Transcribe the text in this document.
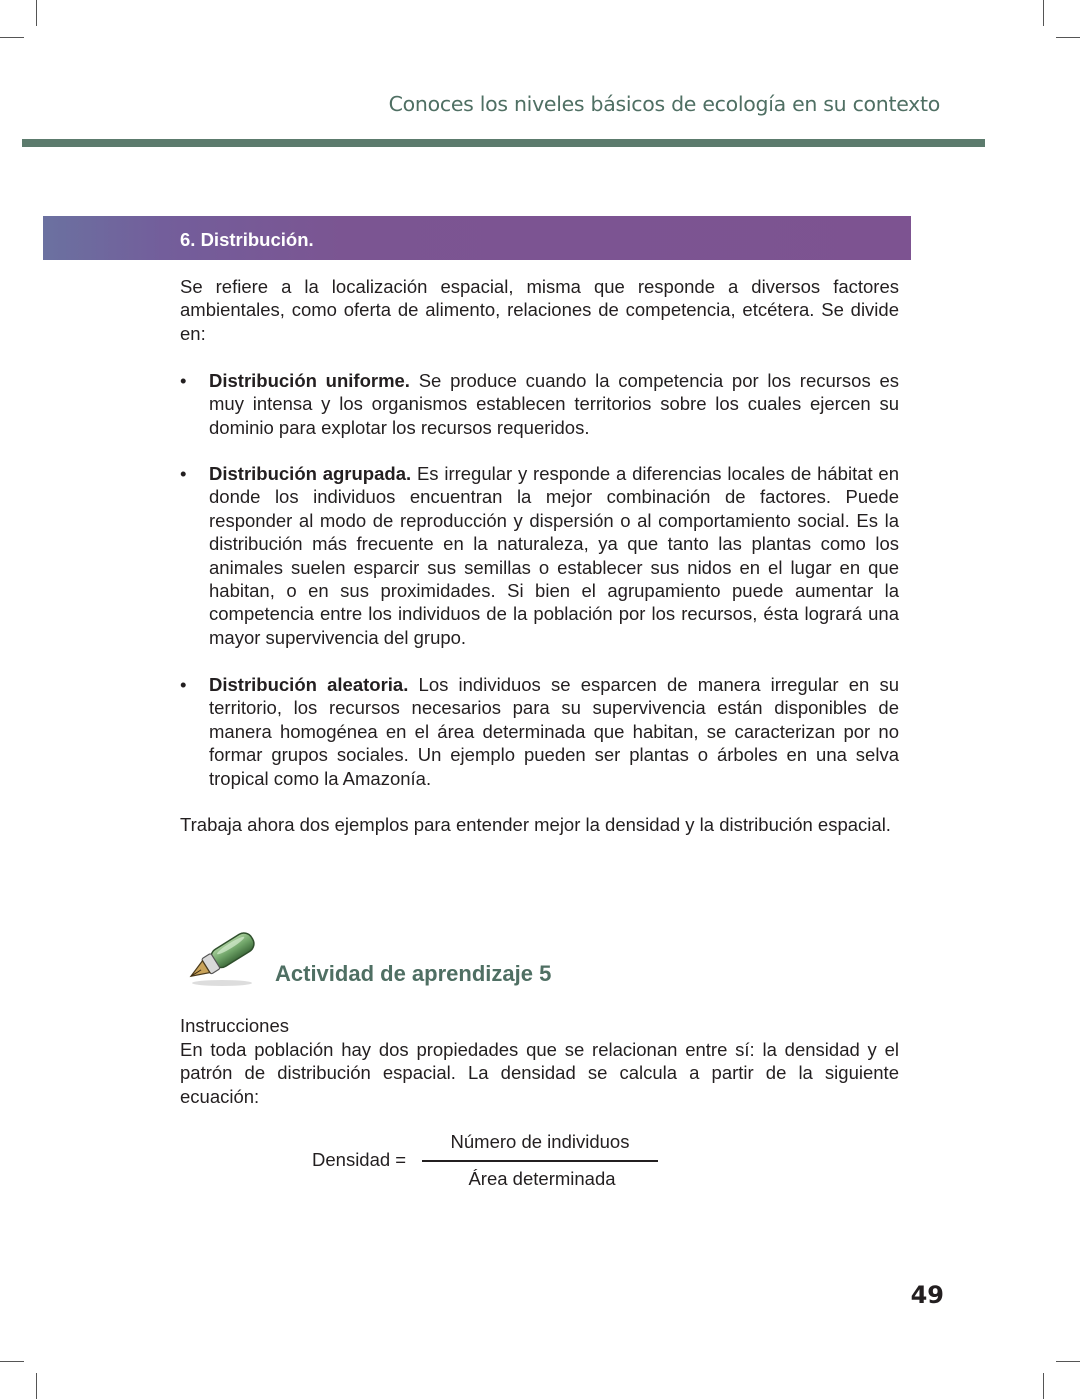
Conoces los niveles básicos de ecología en su contexto
6. Distribución.
Se refiere a la localización espacial, misma que responde a diversos factores ambientales, como oferta de alimento, relaciones de competencia, etcétera. Se divide en:
• Distribución uniforme. Se produce cuando la competencia por los recursos es muy intensa y los organismos establecen territorios sobre los cuales ejercen su dominio para explotar los recursos requeridos.
• Distribución agrupada. Es irregular y responde a diferencias locales de hábitat en donde los individuos encuentran la mejor combinación de factores. Puede responder al modo de reproducción y dispersión o al comportamiento social. Es la distribución más frecuente en la naturaleza, ya que tanto las plantas como los animales suelen esparcir sus semillas o establecer sus nidos en el lugar en que habitan, o en sus proximidades. Si bien el agrupamiento puede aumentar la competencia entre los individuos de la población por los recursos, ésta logrará una mayor supervivencia del grupo.
• Distribución aleatoria. Los individuos se esparcen de manera irregular en su territorio, los recursos necesarios para su supervivencia están disponibles de manera homogénea en el área determinada que habitan, se caracterizan por no formar grupos sociales. Un ejemplo pueden ser plantas o árboles en una selva tropical como la Amazonía.
Trabaja ahora dos ejemplos para entender mejor la densidad y la distribución espacial.
Actividad de aprendizaje 5
Instrucciones
En toda población hay dos propiedades que se relacionan entre sí: la densidad y el patrón de distribución espacial. La densidad se calcula a partir de la siguiente ecuación:
Densidad =
Número de individuos
Área determinada
49
